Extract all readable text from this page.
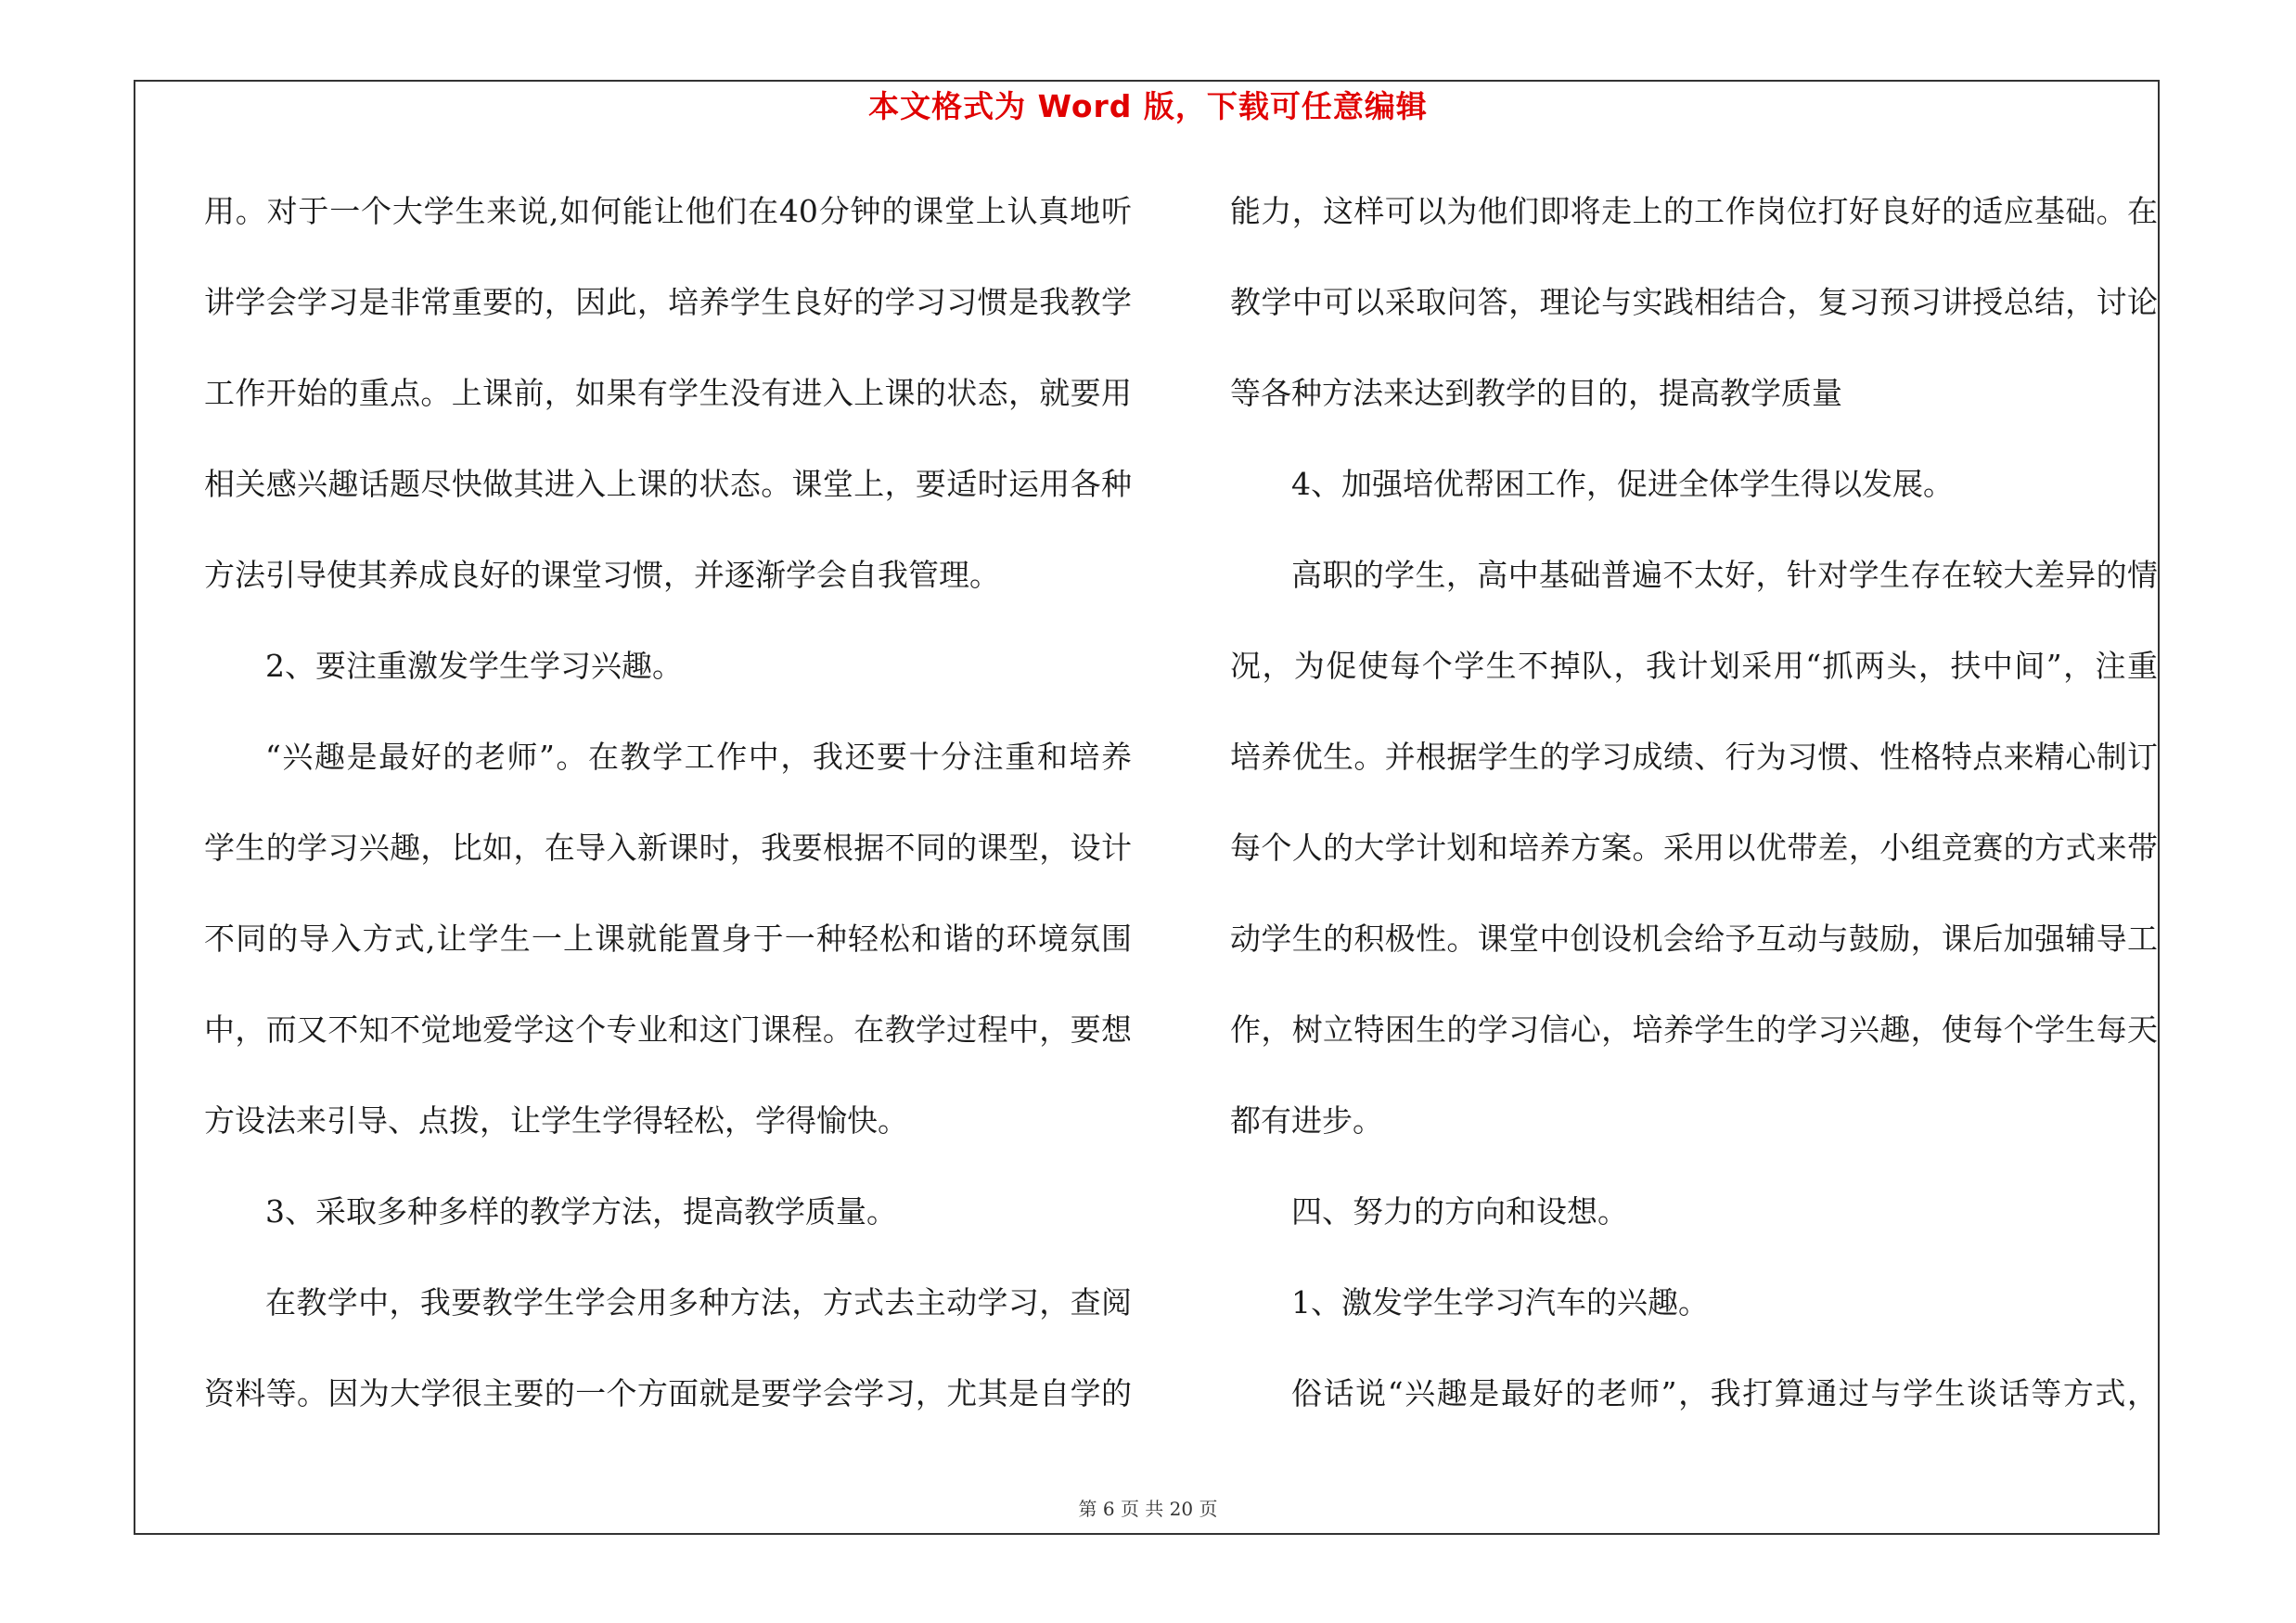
本文格式为 Word 版，下载可任意编辑
用。对于一个大学生来说,如何能让他们在40分钟的课堂上认真地听
讲学会学习是非常重要的，因此，培养学生良好的学习习惯是我教学
工作开始的重点。上课前，如果有学生没有进入上课的状态，就要用
相关感兴趣话题尽快做其进入上课的状态。课堂上，要适时运用各种
方法引导使其养成良好的课堂习惯，并逐渐学会自我管理。
2、要注重激发学生学习兴趣。
“兴趣是最好的老师”。在教学工作中，我还要十分注重和培养
学生的学习兴趣，比如，在导入新课时，我要根据不同的课型，设计
不同的导入方式,让学生一上课就能置身于一种轻松和谐的环境氛围
中，而又不知不觉地爱学这个专业和这门课程。在教学过程中，要想
方设法来引导、点拨，让学生学得轻松，学得愉快。
3、采取多种多样的教学方法，提高教学质量。
在教学中，我要教学生学会用多种方法，方式去主动学习，查阅
资料等。因为大学很主要的一个方面就是要学会学习，尤其是自学的
能力，这样可以为他们即将走上的工作岗位打好良好的适应基础。在
教学中可以采取问答，理论与实践相结合，复习预习讲授总结，讨论
等各种方法来达到教学的目的，提高教学质量
4、加强培优帮困工作，促进全体学生得以发展。
高职的学生，高中基础普遍不太好，针对学生存在较大差异的情
况，为促使每个学生不掉队，我计划采用“抓两头，扶中间”，注重
培养优生。并根据学生的学习成绩、行为习惯、性格特点来精心制订
每个人的大学计划和培养方案。采用以优带差，小组竞赛的方式来带
动学生的积极性。课堂中创设机会给予互动与鼓励，课后加强辅导工
作，树立特困生的学习信心，培养学生的学习兴趣，使每个学生每天
都有进步。
四、努力的方向和设想。
1、激发学生学习汽车的兴趣。
俗话说“兴趣是最好的老师”，我打算通过与学生谈话等方式，
第 6 页 共 20 页
